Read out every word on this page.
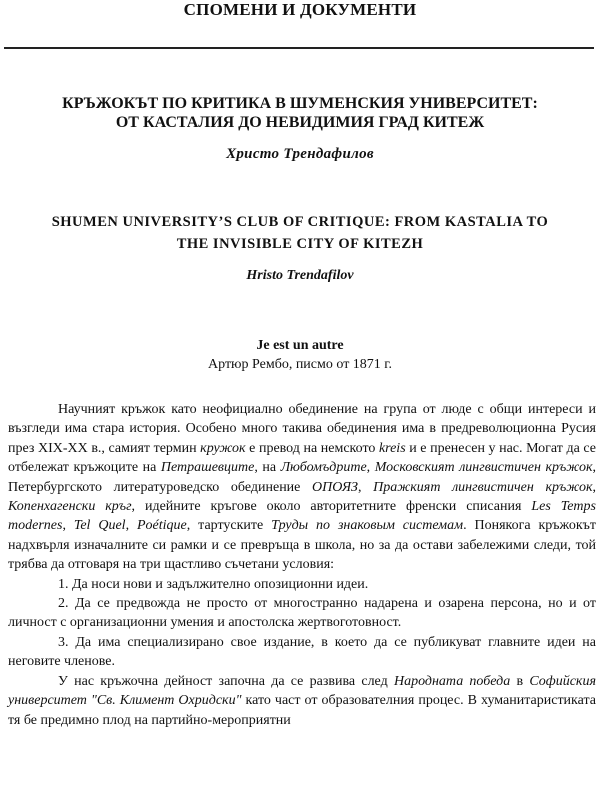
СПОМЕНИ И ДОКУМЕНТИ
КРЪЖОКЪТ ПО КРИТИКА В ШУМЕНСКИЯ УНИВЕРСИТЕТ:
ОТ КАСТАЛИЯ ДО НЕВИДИМИЯ ГРАД КИТЕЖ
Христо Трендафилов
SHUMEN UNIVERSITY’S CLUB OF CRITIQUE: FROM KASTALIA TO
THE INVISIBLE CITY OF KITEZH
Hristo Trendafilov
Je est un autre
Артюр Рембо, писмо от 1871 г.

Научният кръжок като неофициално обединение на група от люде с общи интереси и възгледи има стара история. Особено много такива обединения има в предреволюционна Русия през XIX-XX в., самият термин кружок е превод на немското kreis и е пренесен у нас. Могат да се отбележат кръжоците на Петрашевците, на Любомъдрите, Московският лингвистичен кръжок, Петербургското литературоведско обединение ОПОЯЗ, Пражкият лингвистичен кръжок, Копенхагенски кръг, идейните кръгове около авторитетните френски списания Les Temps modernes, Tel Quel, Poétique, тартуските Труды по знаковым системам. Понякога кръжокът надхвърля изначалните си рамки и се превръща в школа, но за да остави забележими следи, той трябва да отговаря на три щастливо съчетани условия:

1. Да носи нови и задължително опозиционни идеи.

2. Да се предвожда не просто от многостранно надарена и озарена персона, но и от личност с организационни умения и апостолска жертвоготовност.

3. Да има специализирано свое издание, в което да се публикуват главните идеи на неговите членове.

У нас кръжочна дейност започна да се развива след Народната победа в Софийския университет "Св. Климент Охридски" като част от образователния процес. В хуманитаристиката тя бе предимно плод на партийно-мероприятни
